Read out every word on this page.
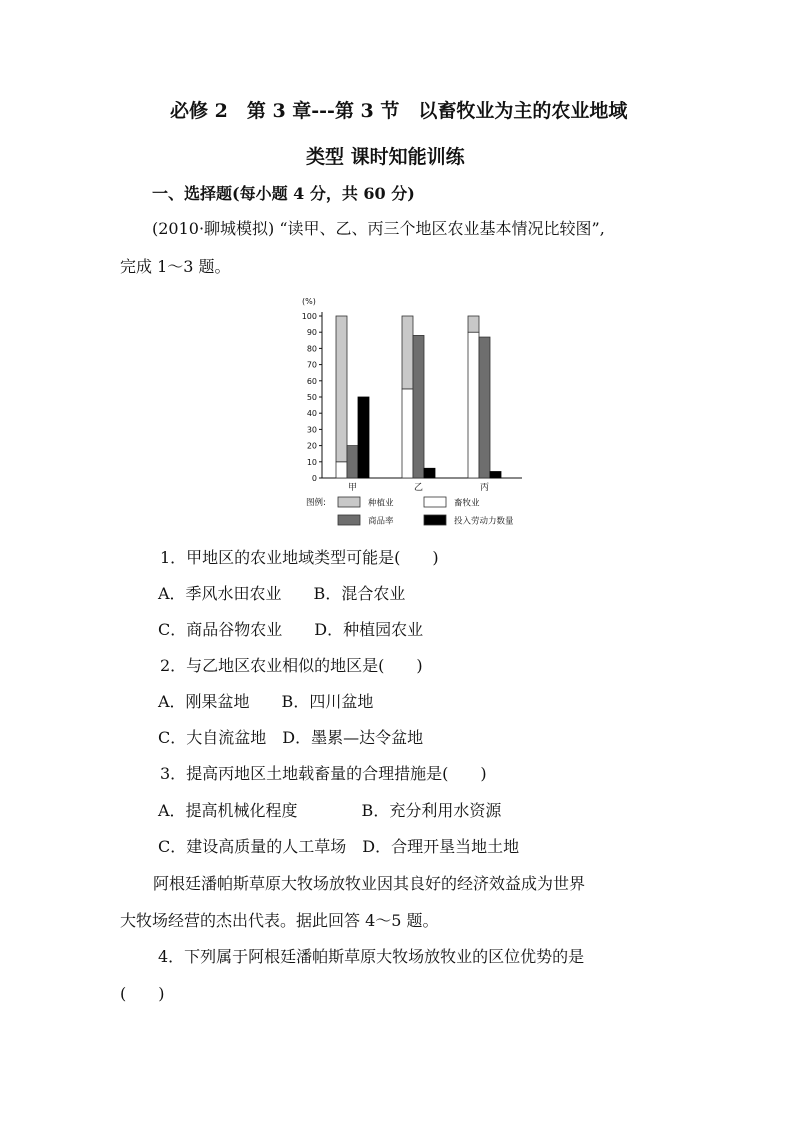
必修 2　第 3 章---第 3 节　以畜牧业为主的农业地域
类型 课时知能训练
一、选择题(每小题 4 分，共 60 分)
(2010·聊城模拟) “读甲、乙、丙三个地区农业基本情况比较图”,
完成 1～3 题。
(%)
0
10
20
30
40
50
60
70
80
90
100
甲	乙	丙
图例:	种植业	畜牧业
商品率	投入劳动力数量
1．甲地区的农业地域类型可能是(　　)
A．季风水田农业　　B．混合农业
C．商品谷物农业　　D．种植园农业
2．与乙地区农业相似的地区是(　　)
A．刚果盆地　　B．四川盆地
C．大自流盆地　D．墨累—达令盆地
3．提高丙地区土地载畜量的合理措施是(　　)
A．提高机械化程度　　　　B．充分利用水资源
C．建设高质量的人工草场　D．合理开垦当地土地
阿根廷潘帕斯草原大牧场放牧业因其良好的经济效益成为世界
大牧场经营的杰出代表。据此回答 4～5 题。
4．下列属于阿根廷潘帕斯草原大牧场放牧业的区位优势的是
(　　)
